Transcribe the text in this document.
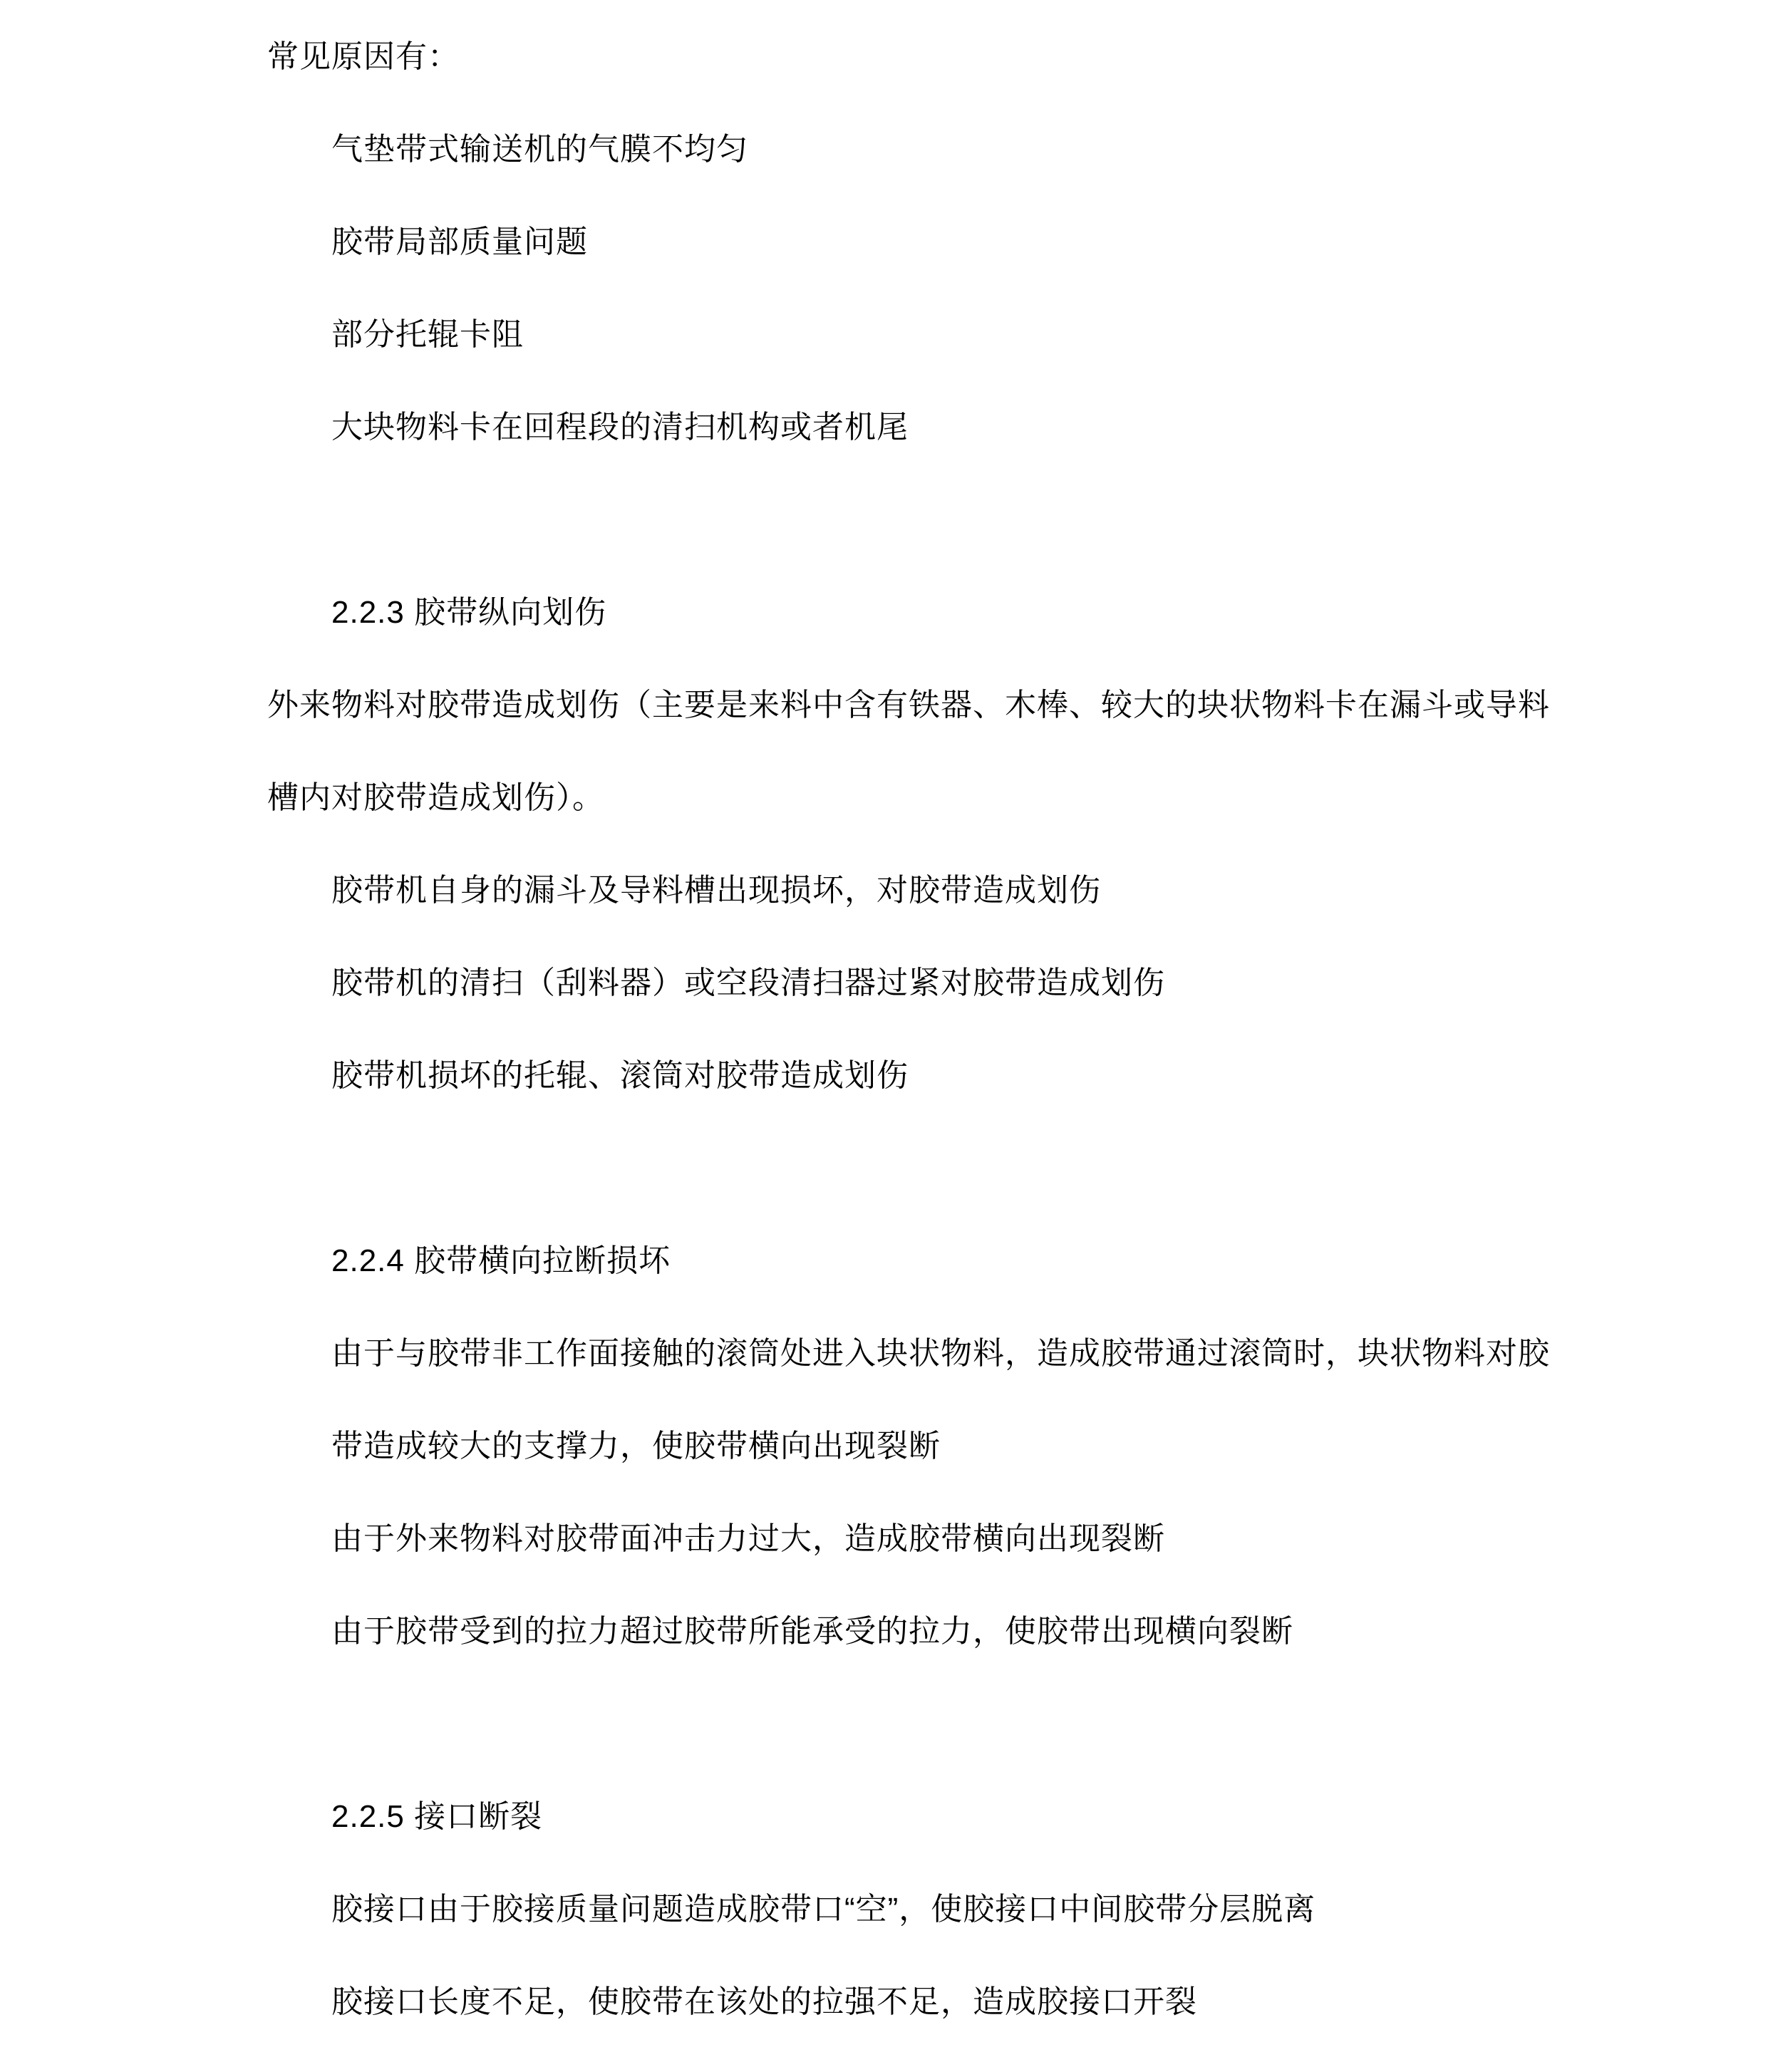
常见原因有：
气垫带式输送机的气膜不均匀
胶带局部质量问题
部分托辊卡阻
大块物料卡在回程段的清扫机构或者机尾
2.2.3 胶带纵向划伤
外来物料对胶带造成划伤（主要是来料中含有铁器、木棒、较大的块状物料卡在漏斗或导料
槽内对胶带造成划伤）。
胶带机自身的漏斗及导料槽出现损坏，对胶带造成划伤
胶带机的清扫（刮料器）或空段清扫器过紧对胶带造成划伤
胶带机损坏的托辊、滚筒对胶带造成划伤
2.2.4 胶带横向拉断损坏
由于与胶带非工作面接触的滚筒处进入块状物料，造成胶带通过滚筒时，块状物料对胶
带造成较大的支撑力，使胶带横向出现裂断
由于外来物料对胶带面冲击力过大，造成胶带横向出现裂断
由于胶带受到的拉力超过胶带所能承受的拉力，使胶带出现横向裂断
2.2.5 接口断裂
胶接口由于胶接质量问题造成胶带口“空”，使胶接口中间胶带分层脱离
胶接口长度不足，使胶带在该处的拉强不足，造成胶接口开裂
